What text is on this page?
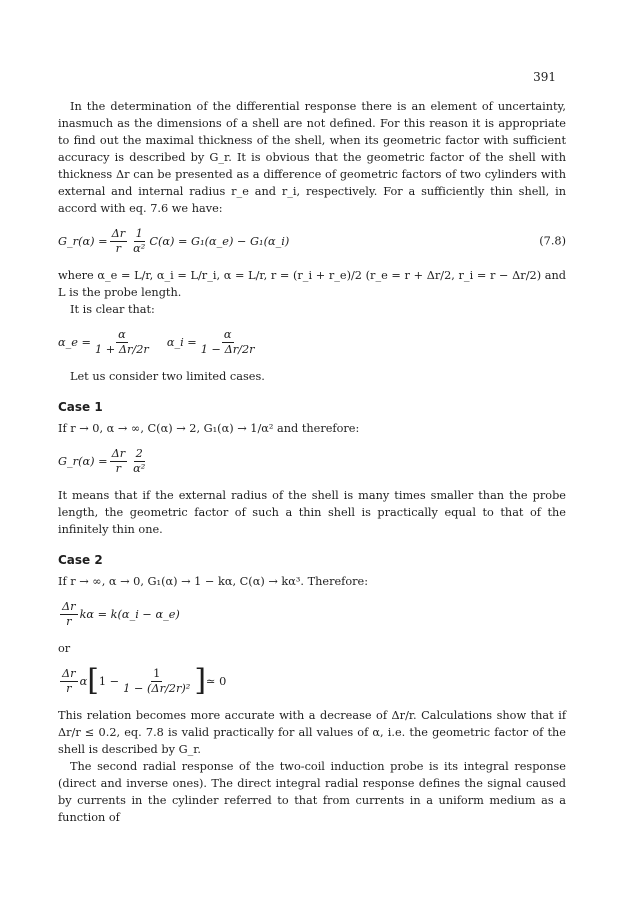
391

In the determination of the differential response there is an element of uncertainty, inasmuch as the dimensions of a shell are not defined. For this reason it is appropriate to find out the maximal thickness of the shell, when its geometric factor with sufficient accuracy is described by G_r. It is obvious that the geometric factor of the shell with thickness Δr can be presented as a difference of geometric factors of two cylinders with external and internal radius r_e and r_i, respectively. For a sufficiently thin shell, in accord with eq. 7.6 we have:

G_r(α) = $\frac{\Delta r}{r} \frac{1}{\text{α²}} C(\alpha)$ = G₁(α_e) − G₁(α_i)	(7.8)

where α_e = L/r, α_i = L/r_i, α = L/r, r = (r_i + r_e)/2 (r_e = r + Δr/2, r_i = r − Δr/2) and L is the probe length.

It is clear that:

α_e = $\frac{\alpha}{1 + \Delta r/2r}$ α_i = $\frac{\alpha}{1 - \Delta r/2r}$

Let us consider two limited cases.

Case 1

If r → 0, α → ∞, C(α) → 2, G₁(α) → 1/α² and therefore:

G_r(α) = $\frac{\Delta r}{r} \frac{2}{\text{α²}}$

It means that if the external radius of the shell is many times smaller than the probe length, the geometric factor of such a thin shell is practically equal to that of the infinitely thin one.

Case 2

If r → ∞, α → 0, G₁(α) → 1 − kα, C(α) → kα³. Therefore:

$\frac{\Delta r}{r}$ kα = k(α_i − α_e)

or

$\frac{\Delta r}{r}$ α [ $1 - \frac{1}{\text{1 − (Δr/2r)²}}$ ] ≃ 0

This relation becomes more accurate with a decrease of Δr/r. Calculations show that if Δr/r ≤ 0.2, eq. 7.8 is valid practically for all values of α, i.e. the geometric factor of the shell is described by G_r.

The second radial response of the two-coil induction probe is its integral response (direct and inverse ones). The direct integral radial response defines the signal caused by currents in the cylinder referred to that from currents in a uniform medium as a function of
